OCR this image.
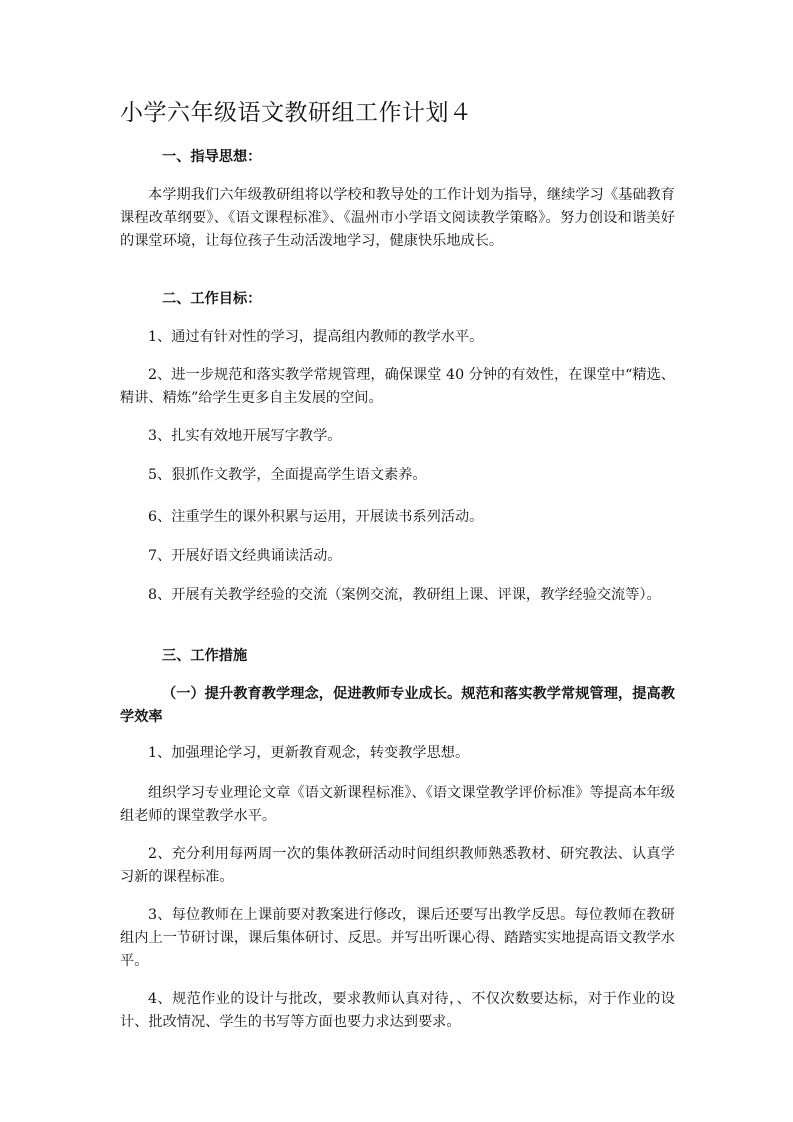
小学六年级语文教研组工作计划４

一、指导思想：

本学期我们六年级教研组将以学校和教导处的工作计划为指导，继续学习《基础教育课程改革纲要》、《语文课程标准》、《温州市小学语文阅读教学策略》。努力创设和谐美好的课堂环境，让每位孩子生动活泼地学习，健康快乐地成长。

二、工作目标：

1、通过有针对性的学习，提高组内教师的教学水平。

2、进一步规范和落实教学常规管理，确保课堂 40 分钟的有效性，在课堂中“精选、精讲、精炼”给学生更多自主发展的空间。

3、扎实有效地开展写字教学。

5、狠抓作文教学，全面提高学生语文素养。

6、注重学生的课外积累与运用，开展读书系列活动。

7、开展好语文经典诵读活动。

8、开展有关教学经验的交流（案例交流，教研组上课、评课，教学经验交流等）。

三、工作措施

（一）提升教育教学理念，促进教师专业成长。规范和落实教学常规管理，提高教学效率

1、加强理论学习，更新教育观念，转变教学思想。

组织学习专业理论文章《语文新课程标准》、《语文课堂教学评价标准》等提高本年级组老师的课堂教学水平。

2、充分利用每两周一次的集体教研活动时间组织教师熟悉教材、研究教法、认真学习新的课程标准。

3、每位教师在上课前要对教案进行修改，课后还要写出教学反思。每位教师在教研组内上一节研讨课，课后集体研讨、反思。并写出听课心得、踏踏实实地提高语文教学水平。

4、规范作业的设计与批改，要求教师认真对待，、不仅次数要达标，对于作业的设计、批改情况、学生的书写等方面也要力求达到要求。
